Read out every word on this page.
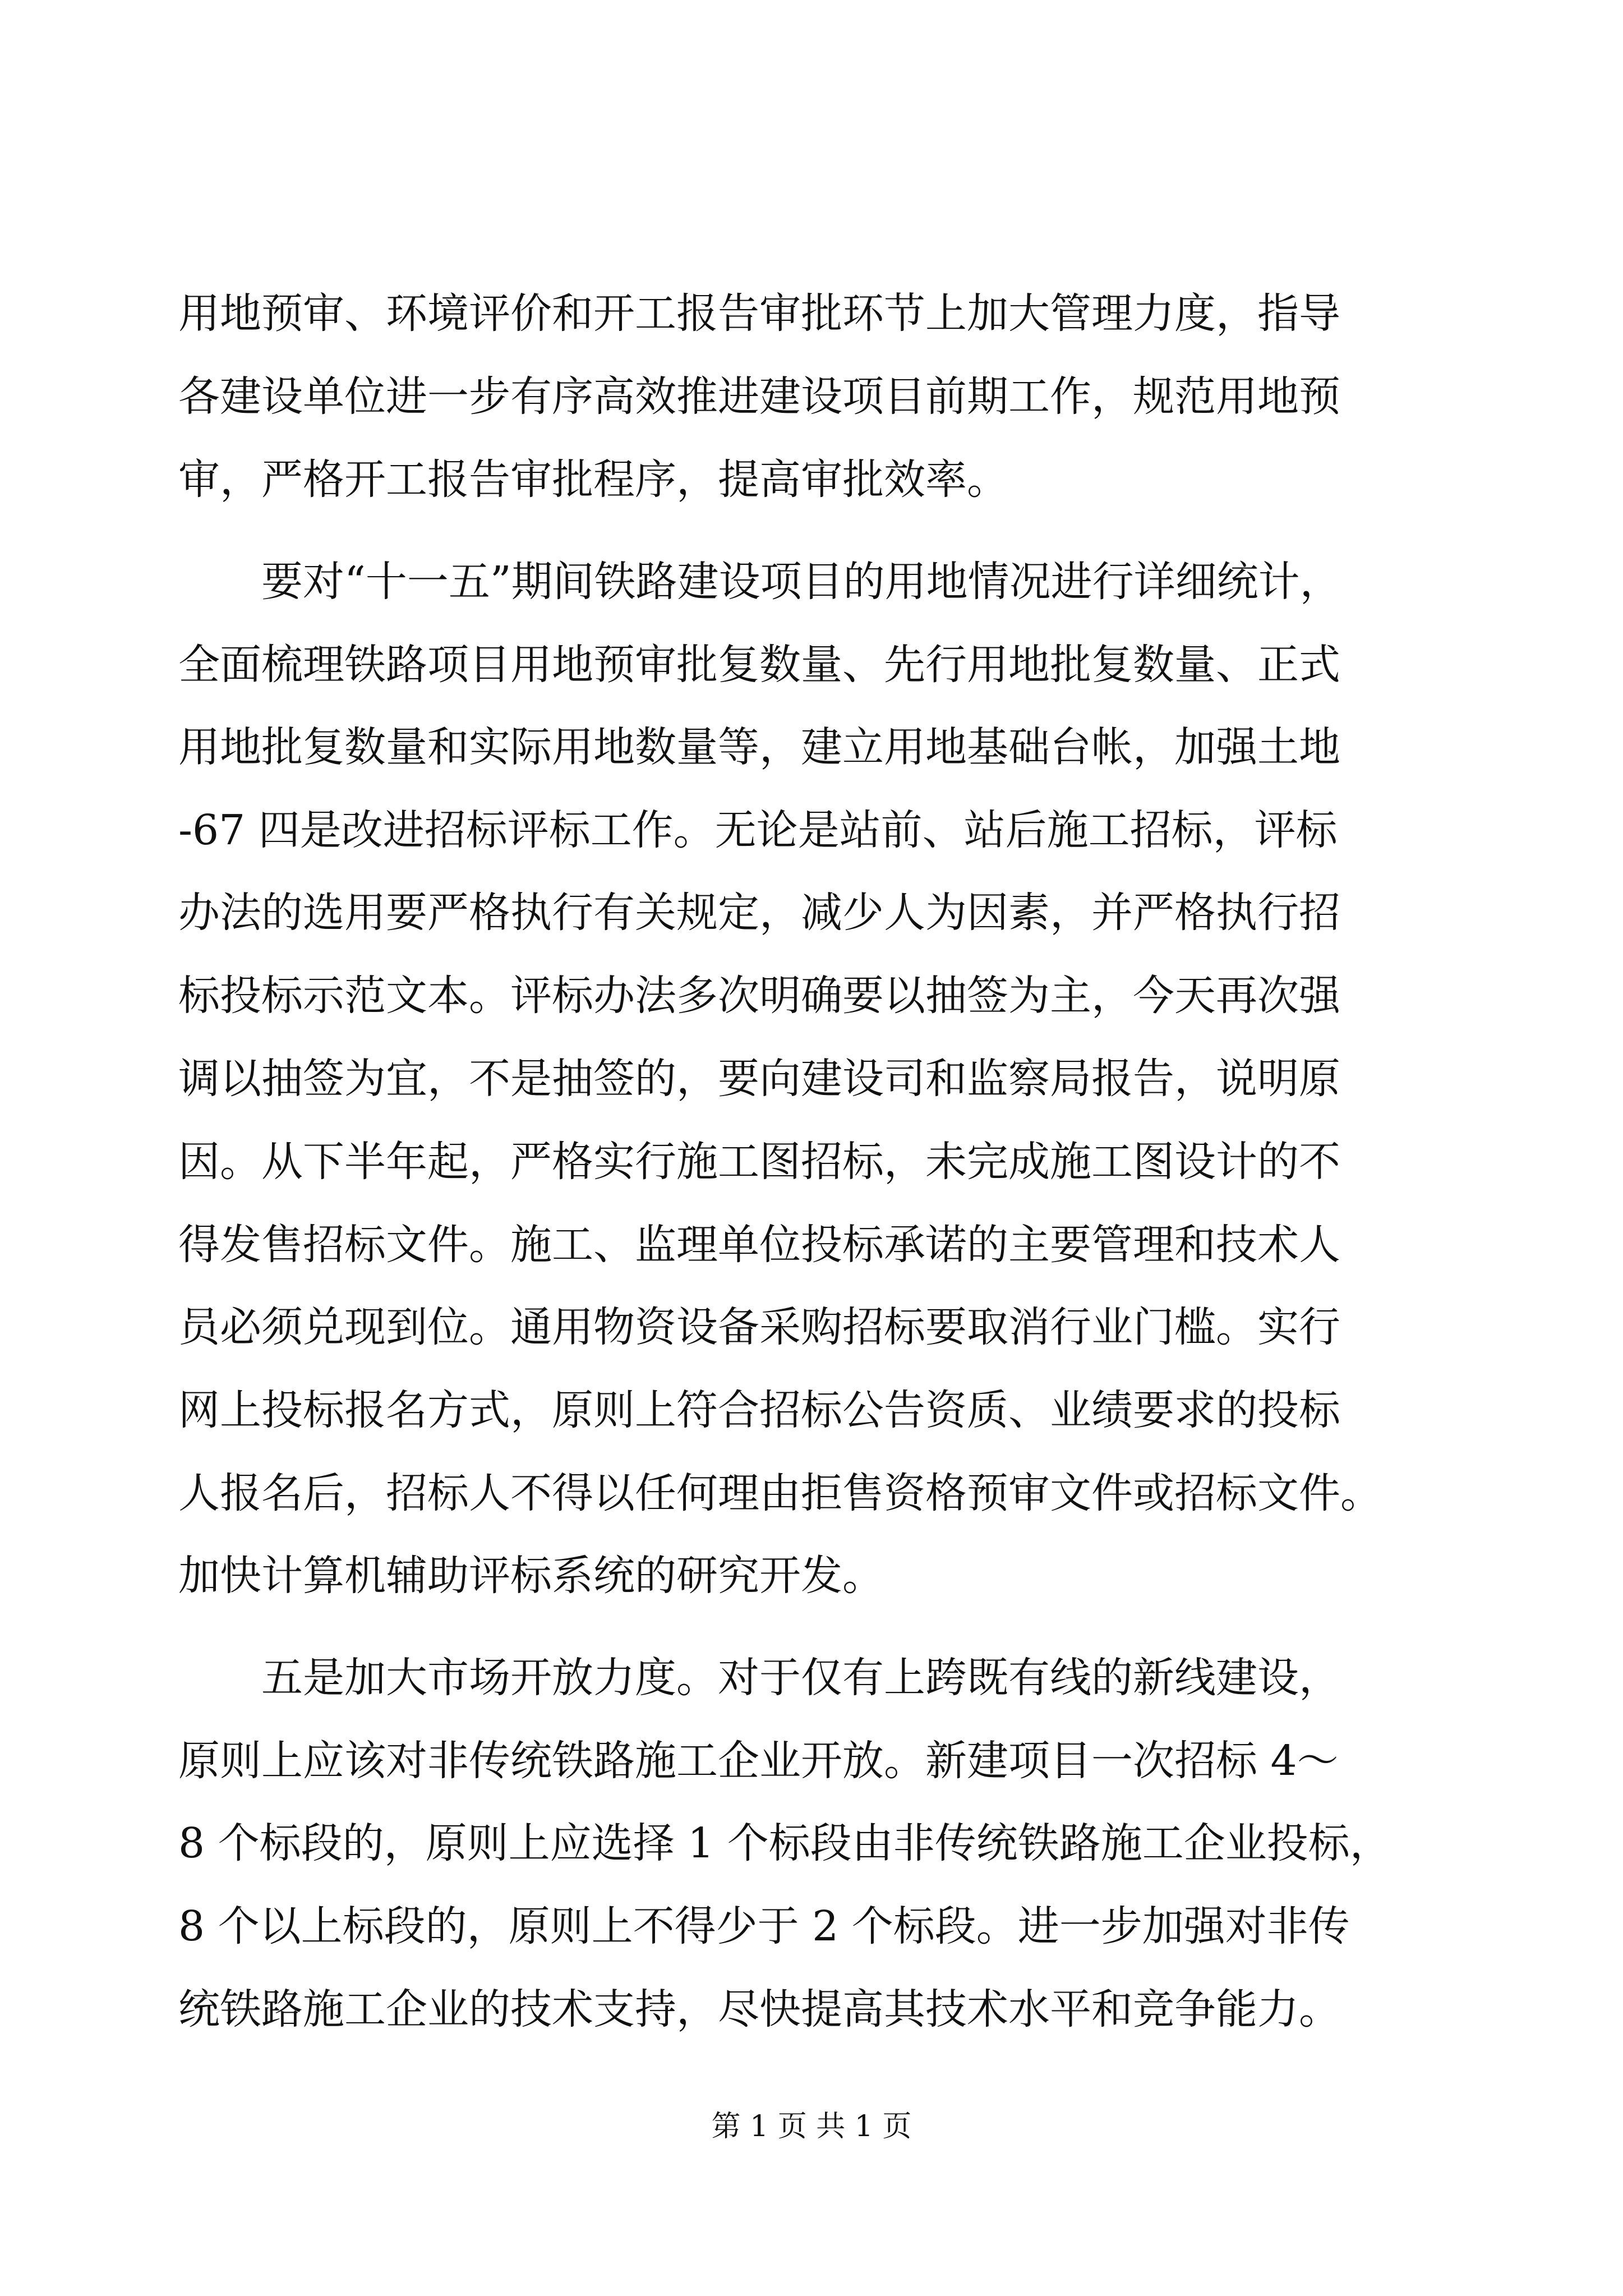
用地预审、环境评价和开工报告审批环节上加大管理力度，指导
各建设单位进一步有序高效推进建设项目前期工作，规范用地预
审，严格开工报告审批程序，提高审批效率。
　　要对“十一五”期间铁路建设项目的用地情况进行详细统计，
全面梳理铁路项目用地预审批复数量、先行用地批复数量、正式
用地批复数量和实际用地数量等，建立用地基础台帐，加强土地
-67 四是改进招标评标工作。无论是站前、站后施工招标，评标
办法的选用要严格执行有关规定，减少人为因素，并严格执行招
标投标示范文本。评标办法多次明确要以抽签为主，今天再次强
调以抽签为宜，不是抽签的，要向建设司和监察局报告，说明原
因。从下半年起，严格实行施工图招标，未完成施工图设计的不
得发售招标文件。施工、监理单位投标承诺的主要管理和技术人
员必须兑现到位。通用物资设备采购招标要取消行业门槛。实行
网上投标报名方式，原则上符合招标公告资质、业绩要求的投标
人报名后，招标人不得以任何理由拒售资格预审文件或招标文件。
加快计算机辅助评标系统的研究开发。
　　五是加大市场开放力度。对于仅有上跨既有线的新线建设，
原则上应该对非传统铁路施工企业开放。新建项目一次招标 4～
8 个标段的，原则上应选择 1 个标段由非传统铁路施工企业投标，
8 个以上标段的，原则上不得少于 2 个标段。进一步加强对非传
统铁路施工企业的技术支持，尽快提高其技术水平和竞争能力。
第 1 页 共 1 页
